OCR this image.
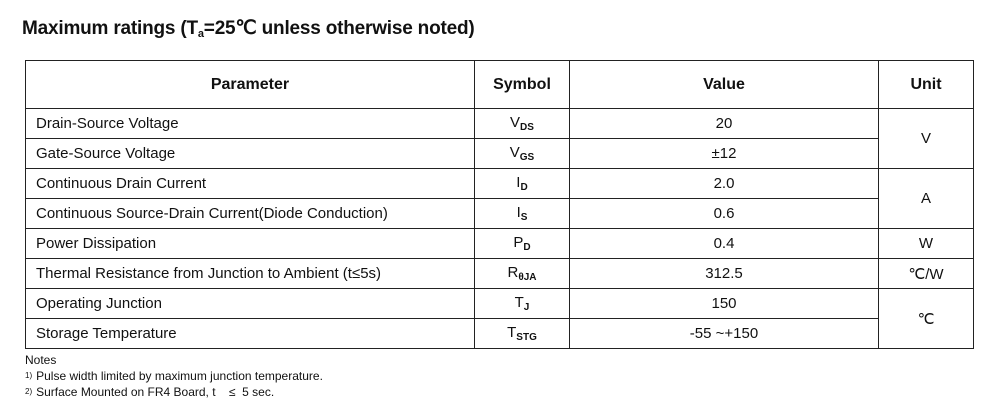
Maximum ratings ($T_a=25℃$ unless otherwise noted)
Parameter	Symbol	Value	Unit
Drain-Source Voltage	$V_{DS}$	20	V
Gate-Source Voltage	$V_{GS}$	±12	
Continuous Drain Current	$I_D$	2.0	A
Continuous Source-Drain Current(Diode Conduction)	$I_S$	0.6	
Power Dissipation	$P_D$	0.4	W
Thermal Resistance from Junction to Ambient (t≤5s)	$R_{\theta JA}$	312.5	℃/W
Operating Junction	$T_J$	150	℃
Storage Temperature	$T_{STG}$	-55 ~+150	
Notes
1) Pulse width limited by maximum junction temperature.
2) Surface Mounted on FR4 Board, t    ≤  5 sec.
